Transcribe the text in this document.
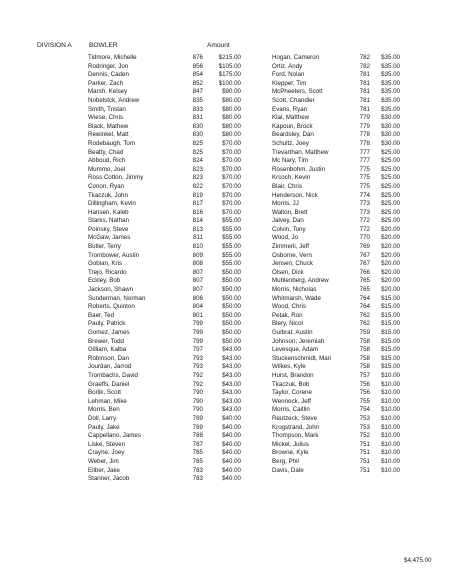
DIVISION A	BOWLER	Amount
Tidmore, Michelle	876	$215.00
Rodringer, Jon	856	$105.00
Dennis, Caden	854	$175.00
Parker, Zach	852	$100.00
Marsh, Kelsey	847	$90.00
Nobelstck, Andrew	835	$80.00
Smith, Tristan	833	$80.00
Wiese, Chris	831	$80.00
Black, Mathew	830	$80.00
Rewinkel, Matt	830	$80.00
Rodebaugh, Tom	825	$70.00
Beatty, Chad	825	$70.00
Abboud, Rich	824	$70.00
Mummo, Joel	823	$70.00
Ross Cotton, Jimmy	823	$70.00
Conon, Ryan	822	$70.00
Tkaczuk, John	819	$70.00
Dillingham, Kevin	817	$70.00
Hansen, Kaleb	816	$70.00
Starks, Nathan	814	$55.00
Poinsky, Steve	813	$55.00
McGaw, James	811	$55.00
Butler, Terry	810	$55.00
Trombower, Austin	809	$55.00
Gobian, Kris	808	$55.00
Trejo, Ricardo	807	$50.00
Eckley, Bob	807	$50.00
Jackson, Shawn	807	$50.00
Sunderman, Norman	806	$50.00
Roberts, Quinton	804	$50.00
Baer, Ted	801	$50.00
Pauly, Patrick	799	$50.00
Gomez, James	799	$50.00
Brewer, Todd	799	$50.00
Gilliam, Kalba	797	$43.00
Robinson, Dan	793	$43.00
Jourdan, Jarrod	793	$43.00
Trombachs, David	792	$43.00
Graeffs, Daniel	792	$43.00
Borlik, Scott	790	$43.00
Lehman, Mike	790	$43.00
Morris, Ben	790	$43.00
Doll, Larry	789	$40.00
Pauly, Jake	789	$40.00
Cappellano, James	788	$40.00
Liske, Steven	787	$40.00
Crayne, Joey	785	$40.00
Weber, Jim	785	$40.00
Eilber, Jake	783	$40.00
Stanner, Jacob	783	$40.00
Hogan, Cameron	782	$35.00
Ortiz, Andy	782	$35.00
Ford, Nolan	781	$35.00
Klepper, Tim	781	$35.00
McPheeters, Scott	781	$35.00
Scott, Chandler	781	$35.00
Evans, Ryan	781	$35.00
Klal, Matthew	779	$30.00
Kapoun, Brock	779	$30.00
Beardsley, Dan	778	$30.00
Schultz, Joey	778	$30.00
Trevarthan, Matthew	777	$25.00
Mc Nary, Tim	777	$25.00
Rosenbohm, Justin	775	$25.00
Krcoch, Kevin	775	$25.00
Blair, Chris	775	$25.00
Henderson, Nick	774	$25.00
Morris, JJ	773	$25.00
Walton, Brett	773	$25.00
Jalvey, Dan	772	$25.00
Colvin, Tony	772	$20.00
Wood, Jo	770	$20.00
Zimmerli, Jeff	769	$20.00
Osborne, Vern	767	$20.00
Jensen, Chuck	767	$20.00
Olsen, Dick	766	$20.00
Muhlenberg, Andrew	765	$20.00
Morris, Nicholas	765	$20.00
Whitmarsh, Wade	764	$15.00
Wood, Chris	764	$15.00
Petak, Ron	762	$15.00
Blery, Nicol	762	$15.00
Gulbrat, Austin	759	$15.00
Johnson, Jeremiah	758	$15.00
Levesque, Adam	758	$15.00
Stuckenschmidt, Mari	758	$15.00
Wilkes, Kyle	758	$15.00
Hurst, Brandon	757	$10.00
Tkaczuk, Bob	756	$10.00
Taylor, Corene	756	$10.00
Wennock, Jeff	755	$10.00
Morris, Caitlin	754	$10.00
Reutzeck, Steve	753	$10.00
Krogstrand, John	753	$10.00
Thompson, Mark	752	$10.00
Mickel, Julius	751	$10.00
Browne, Kyle	751	$10.00
Berg, Phil	751	$10.00
Davis, Dale	751	$10.00
$4,475.00
